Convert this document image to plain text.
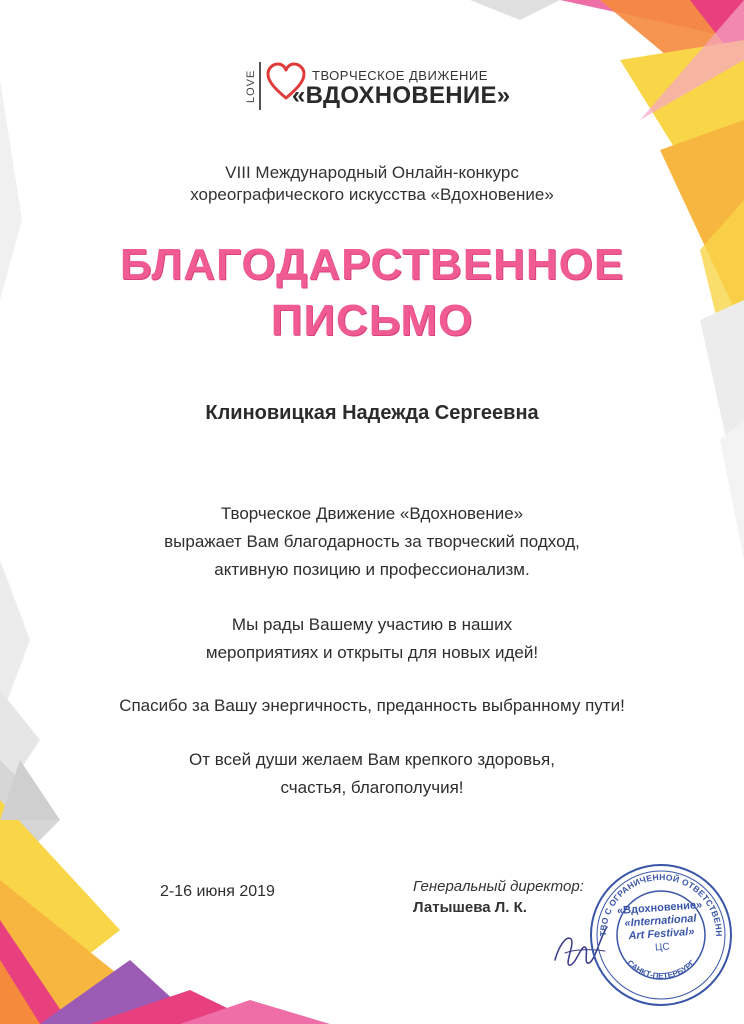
LOVE	ТВОРЧЕСКОЕ ДВИЖЕНИЕ
«ВДОХНОВЕНИЕ»
VIII Международный Онлайн-конкурс
хореографического искусства «Вдохновение»
БЛАГОДАРСТВЕННОЕ
ПИСЬМО
Клиновицкая Надежда Сергеевна
Творческое Движение «Вдохновение»
выражает Вам благодарность за творческий подход,
активную позицию и профессионализм.
Мы рады Вашему участию в наших
мероприятиях и открыты для новых идей!
Спасибо за Вашу энергичность, преданность выбранному пути!
От всей души желаем Вам крепкого здоровья,
счастья, благополучия!
2-16 июня 2019	Генеральный директор:
Латышева Л. К.
ТВО С ОГРАНИЧЕННОЙ ОТВЕТСТВЕНН
САНКТ-ПЕТЕРБУРГ
«Вдохновение»
«International
Art Festival»
ЦС
